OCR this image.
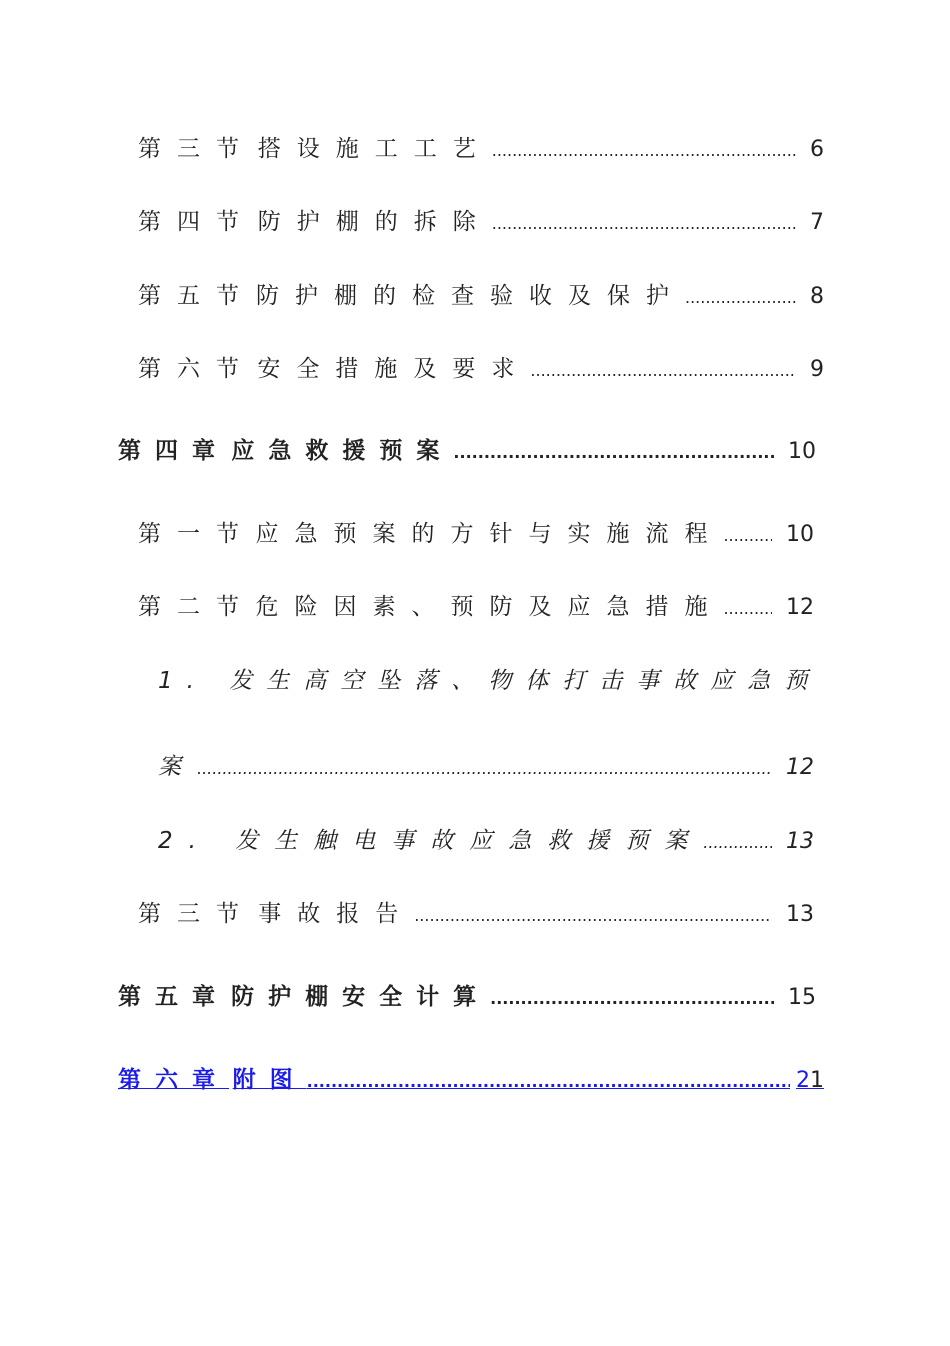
第三节 搭设施工工艺 .....	6
第四节 防护棚的拆除 .....	7
第五节 防护棚的检查验收及保护 .....	8
第六节 安全措施及要求 .....	9
第四章 应急救援预案 .....	10
第一节 应急预案的方针与实施流程 .....	10
第二节 危险因素、预防及应急措施 .....	12
1. 发生高空坠落、物体打击事故应急预
案 .....	12
2. 发生触电事故应急救援预案 .....	13
第三节 事故报告 .....	13
第五章 防护棚安全计算 .....	15
第六章 附图 .....	21
